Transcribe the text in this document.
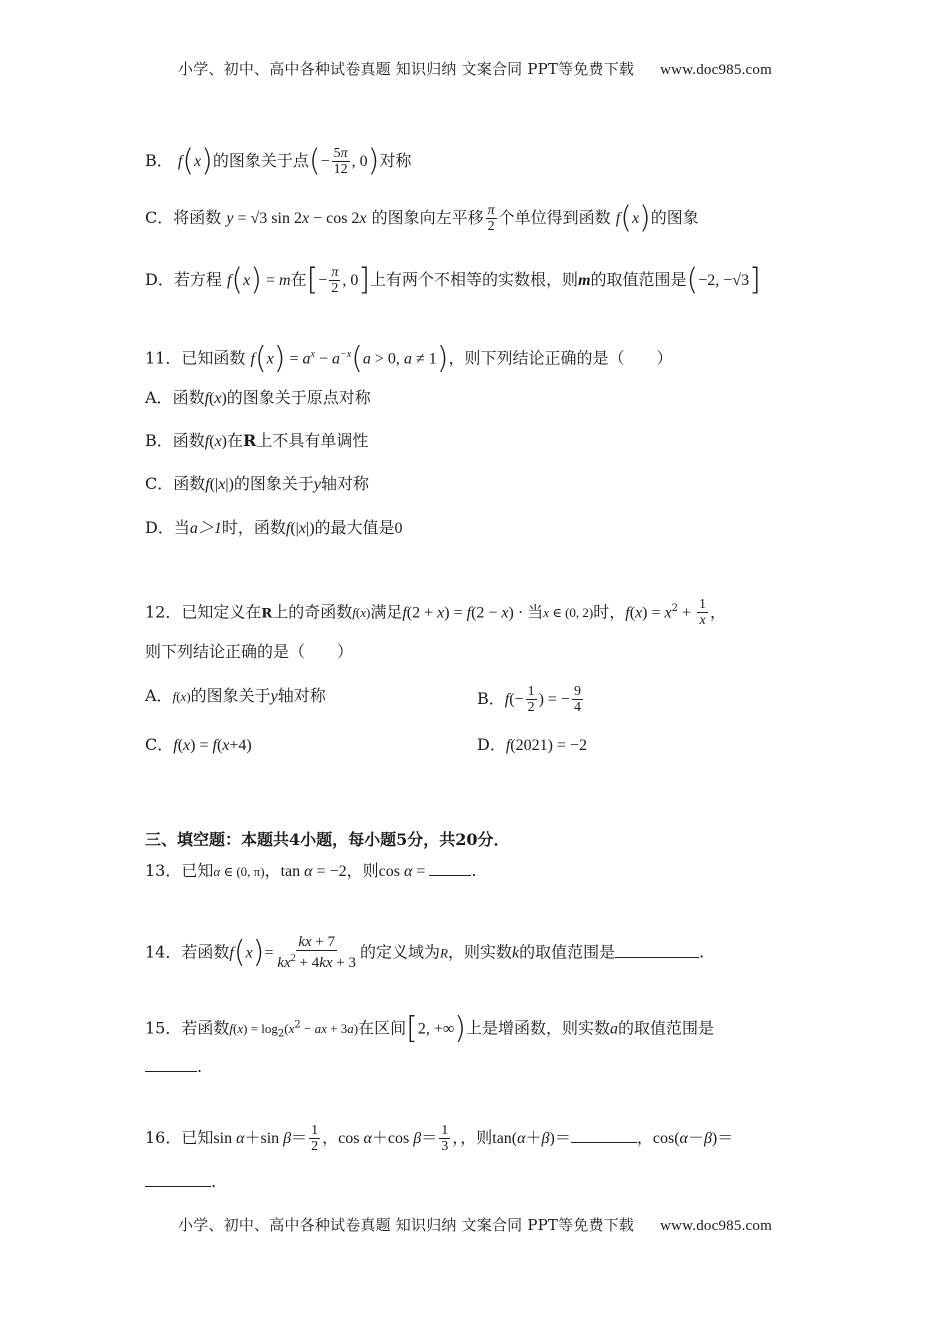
小学、初中、高中各种试卷真题 知识归纳 文案合同 PPT等免费下载 www.doc985.com
B． f(x)的图象关于点(− $\frac{5\pi}{12}$ , 0)对称
C．将函数 y = √3 sin 2x − cos 2x 的图象向左平移 $\frac{\pi}{2}$ 个单位得到函数 f(x)的图象
D．若方程 f(x) = m在[− $\frac{\pi}{2}$ , 0]上有两个不相等的实数根，则m的取值范围是(−2, −√3]
11．已知函数 $f(x) = a^x - a^{-x}(a > 0$, a ≠ 1)，则下列结论正确的是（　　）
A．函数f(x)的图象关于原点对称
B．函数f(x)在R上不具有单调性
C．函数f(|x|)的图象关于y轴对称
D．当a＞1时，函数f(|x|)的最大值是0
12．已知定义在R上的奇函数f(x)满足f(2 + x) = f(2 − x) · 当x ∈ (0, 2)时，$f(x) = x^2 + \frac{1}{x}$ ，
则下列结论正确的是（　　）
A．f(x)的图象关于y轴对称	B．$f(- \frac{1}{2}$ ) = − $\frac{9}{4}$
C．f(x) = f(x+4)	D．f(2021) = −2
三、填空题：本题共4小题，每小题5分，共20分．
13．已知α ∈ (0, π)，tan α = −2，则cos α =	.
14．若函数$f(x)= \frac{kx + 7}{kx^2 + 4kx + 3}$ 的定义域为R，则实数k的取值范围是	.
15．若函数$f(x) = \log_2(x^2$ − ax + 3a)在区间[2, +∞)上是增函数，则实数a的取值范围是
.
16．已知sin α＋sin $\beta= \frac{1}{2}$ ，cos α＋cos $\beta= \frac{1}{3}$ ，，则tan(α＋β)＝	，cos(α－β)＝
.
小学、初中、高中各种试卷真题 知识归纳 文案合同 PPT等免费下载 www.doc985.com
